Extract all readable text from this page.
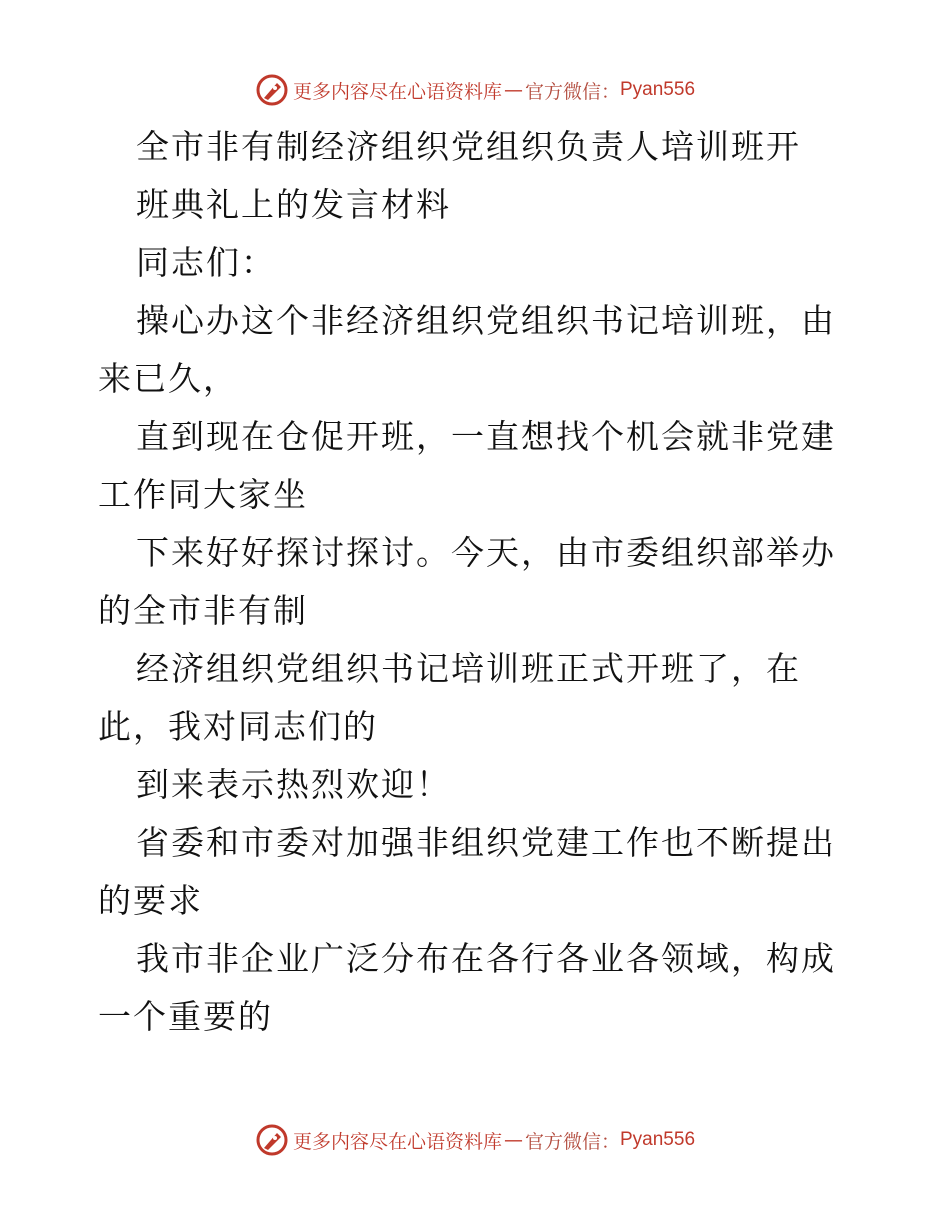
更多内容尽在心语资料库 — 官方微信： Pyan556

全市非有制经济组织党组织负责人培训班开

班典礼上的发言材料

同志们：

操心办这个非经济组织党组织书记培训班，由来已久，

直到现在仓促开班，一直想找个机会就非党建工作同大家坐

下来好好探讨探讨。今天，由市委组织部举办的全市非有制

经济组织党组织书记培训班正式开班了，在此，我对同志们的

到来表示热烈欢迎！

省委和市委对加强非组织党建工作也不断提出的要求

我市非企业广泛分布在各行各业各领域，构成一个重要的

更多内容尽在心语资料库 — 官方微信： Pyan556
